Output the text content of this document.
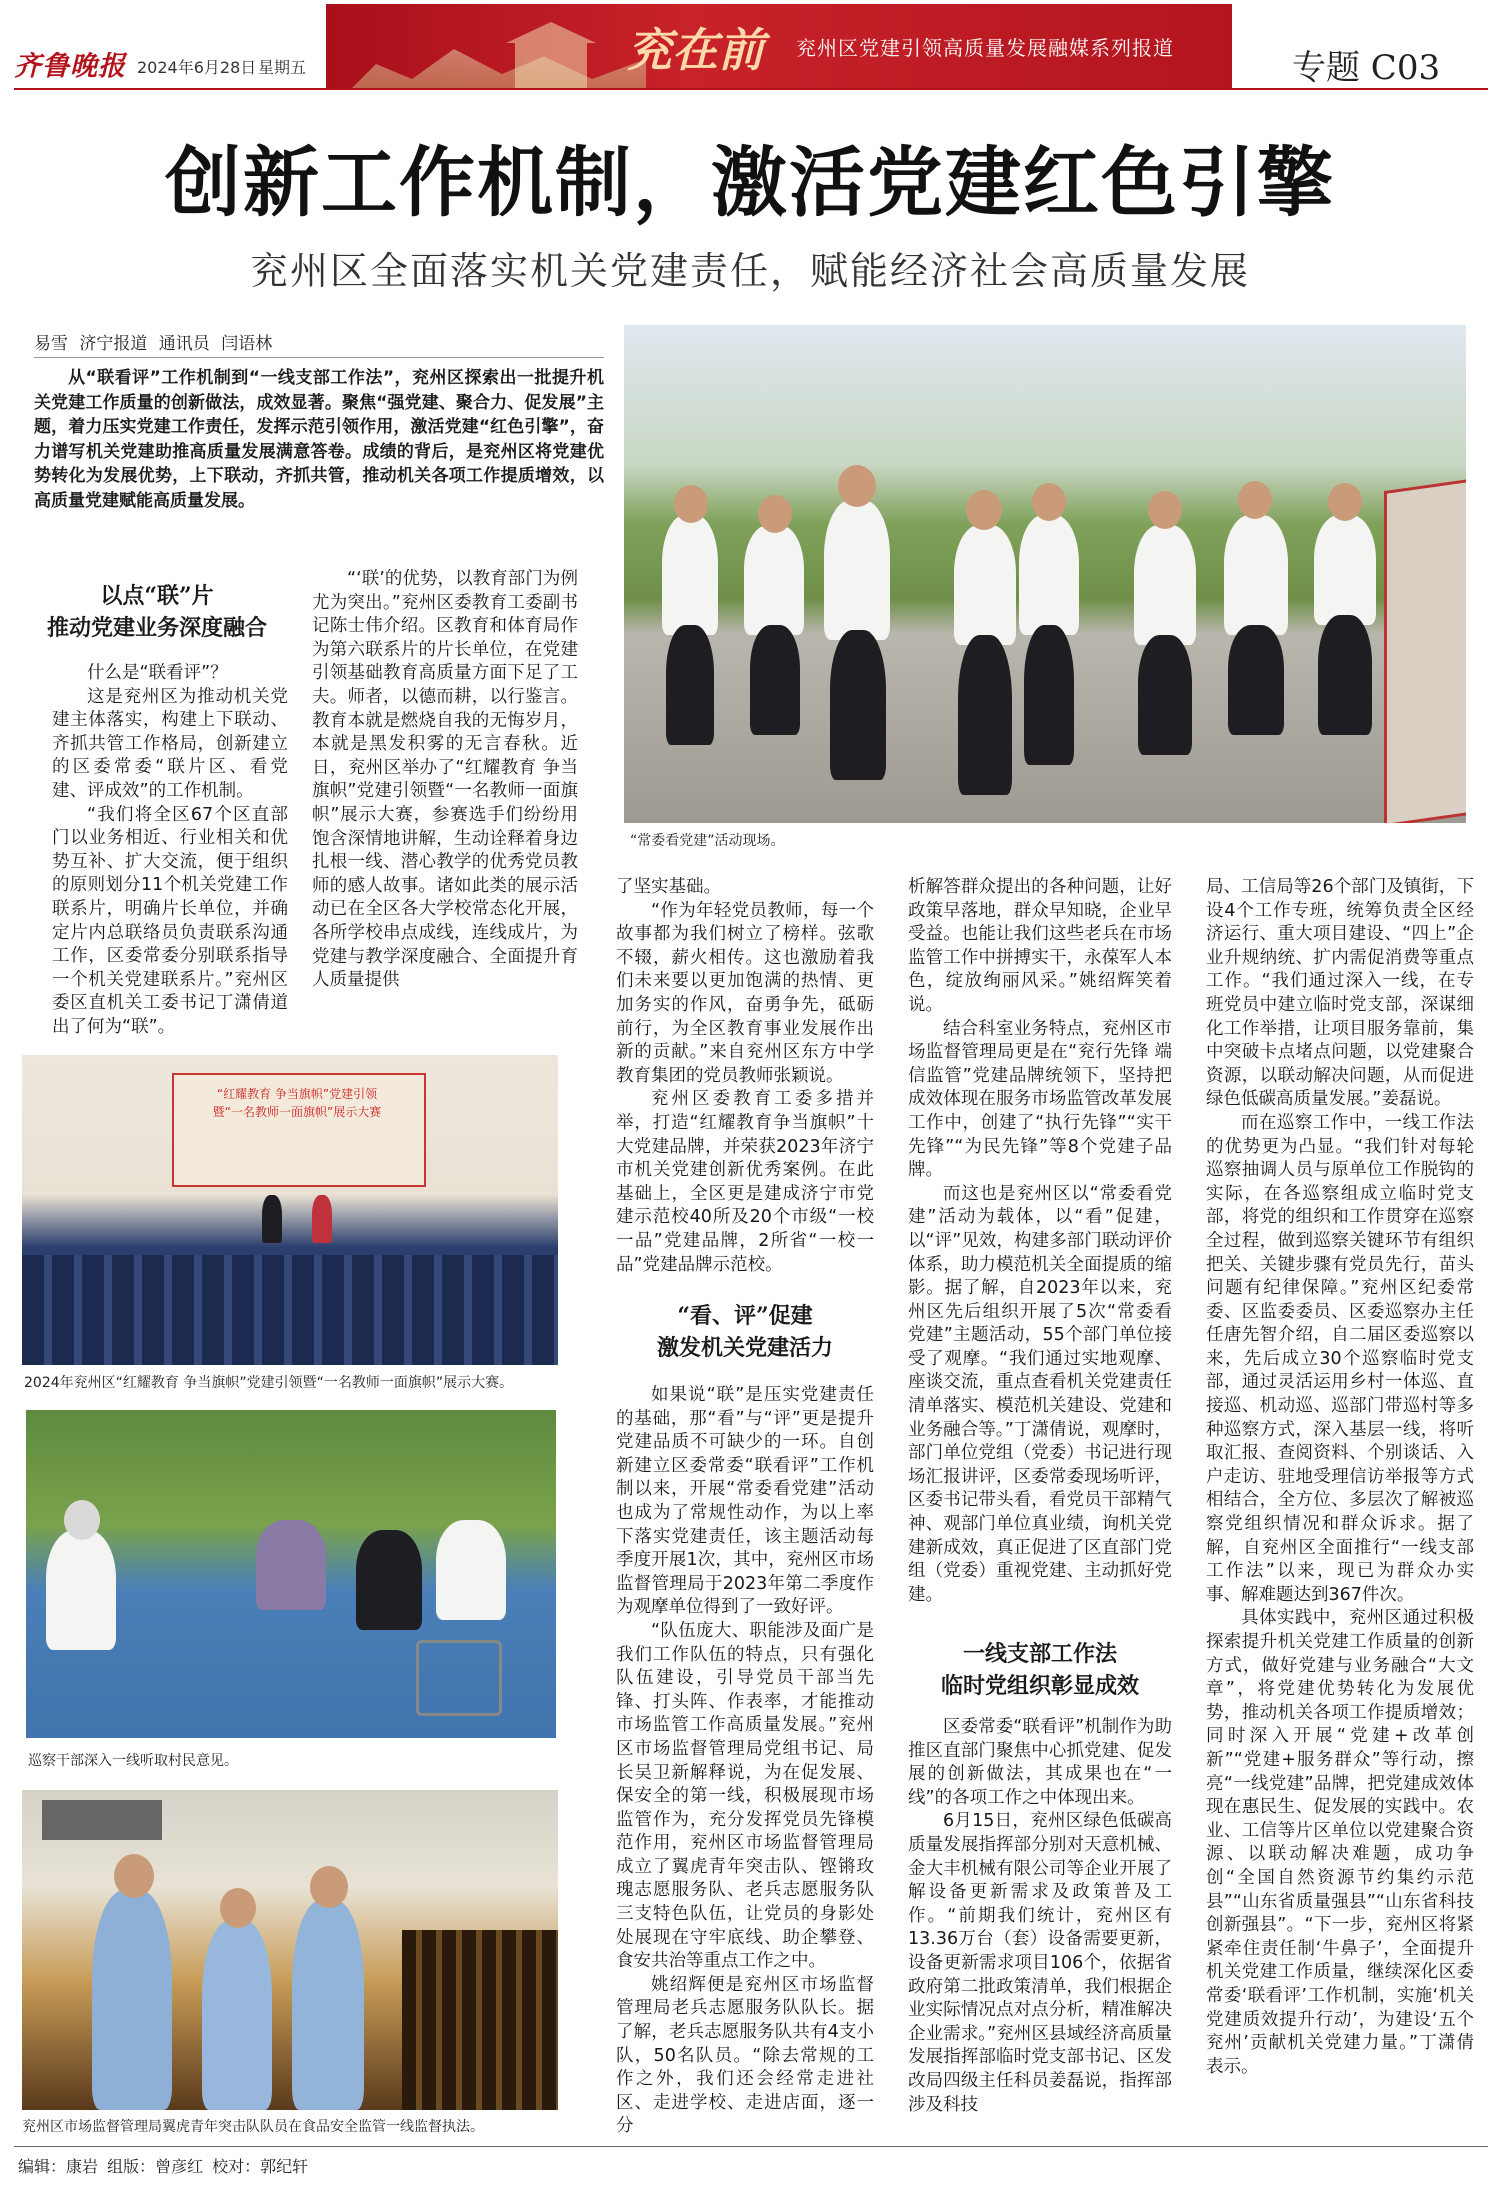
齐鲁晚报 2024年6月28日 星期五	兖在前 兖州区党建引领高质量发展融媒系列报道	专题 C03
创新工作机制，激活党建红色引擎
兖州区全面落实机关党建责任，赋能经济社会高质量发展
易雪 济宁报道 通讯员 闫语林
从“联看评”工作机制到“一线支部工作法”，兖州区探索出一批提升机关党建工作质量的创新做法，成效显著。聚焦“强党建、聚合力、促发展”主题，着力压实党建工作责任，发挥示范引领作用，激活党建“红色引擎”，奋力谱写机关党建助推高质量发展满意答卷。成绩的背后，是兖州区将党建优势转化为发展优势，上下联动，齐抓共管，推动机关各项工作提质增效，以高质量党建赋能高质量发展。
以点“联”片
推动党建业务深度融合

什么是“联看评”？

这是兖州区为推动机关党建主体落实，构建上下联动、齐抓共管工作格局，创新建立的区委常委“联片区、看党建、评成效”的工作机制。

“我们将全区67个区直部门以业务相近、行业相关和优势互补、扩大交流，便于组织的原则划分11个机关党建工作联系片，明确片长单位，并确定片内总联络员负责联系沟通工作，区委常委分别联系指导一个机关党建联系片。”兖州区委区直机关工委书记丁潇倩道出了何为“联”。

“‘联’的优势，以教育部门为例尤为突出。”兖州区委教育工委副书记陈士伟介绍。区教育和体育局作为第六联系片的片长单位，在党建引领基础教育高质量方面下足了工夫。师者，以德而耕，以行鉴言。教育本就是燃烧自我的无悔岁月，本就是黑发积雾的无言春秋。近日，兖州区举办了“红耀教育 争当旗帜”党建引领暨“一名教师一面旗帜”展示大赛，参赛选手们纷纷用饱含深情地讲解，生动诠释着身边扎根一线、潜心教学的优秀党员教师的感人故事。诸如此类的展示活动已在全区各大学校常态化开展，各所学校串点成线，连线成片，为党建与教学深度融合、全面提升育人质量提供

“常委看党建”活动现场。

了坚实基础。

“作为年轻党员教师，每一个故事都为我们树立了榜样。弦歌不辍，薪火相传。这也激励着我们未来要以更加饱满的热情、更加务实的作风，奋勇争先，砥砺前行，为全区教育事业发展作出新的贡献。”来自兖州区东方中学教育集团的党员教师张颖说。

兖州区委教育工委多措并举，打造“红耀教育争当旗帜”十大党建品牌，并荣获2023年济宁市机关党建创新优秀案例。在此基础上，全区更是建成济宁市党建示范校40所及20个市级“一校一品”党建品牌，2所省“一校一品”党建品牌示范校。

“看、评”促建
激发机关党建活力

如果说“联”是压实党建责任的基础，那“看”与“评”更是提升党建品质不可缺少的一环。自创新建立区委常委“联看评”工作机制以来，开展“常委看党建”活动也成为了常规性动作，为以上率下落实党建责任，该主题活动每季度开展1次，其中，兖州区市场监督管理局于2023年第二季度作为观摩单位得到了一致好评。

“队伍庞大、职能涉及面广是我们工作队伍的特点，只有强化队伍建设，引导党员干部当先锋、打头阵、作表率，才能推动市场监管工作高质量发展。”兖州区市场监督管理局党组书记、局长吴卫新解释说，为在促发展、保安全的第一线，积极展现市场监管作为，充分发挥党员先锋模范作用，兖州区市场监督管理局成立了翼虎青年突击队、铿锵玫瑰志愿服务队、老兵志愿服务队三支特色队伍，让党员的身影处处展现在守牢底线、助企攀登、食安共治等重点工作之中。

姚绍辉便是兖州区市场监督管理局老兵志愿服务队队长。据了解，老兵志愿服务队共有4支小队，50名队员。“除去常规的工作之外，我们还会经常走进社区、走进学校、走进店面，逐一分

析解答群众提出的各种问题，让好政策早落地，群众早知晓，企业早受益。也能让我们这些老兵在市场监管工作中拼搏实干，永葆军人本色，绽放绚丽风采。”姚绍辉笑着说。

结合科室业务特点，兖州区市场监督管理局更是在“兖行先锋 端信监管”党建品牌统领下，坚持把成效体现在服务市场监管改革发展工作中，创建了“执行先锋”“实干先锋”“为民先锋”等8个党建子品牌。

而这也是兖州区以“常委看党建”活动为载体，以“看”促建，以“评”见效，构建多部门联动评价体系，助力模范机关全面提质的缩影。据了解，自2023年以来，兖州区先后组织开展了5次“常委看党建”主题活动，55个部门单位接受了观摩。“我们通过实地观摩、座谈交流，重点查看机关党建责任清单落实、模范机关建设、党建和业务融合等。”丁潇倩说，观摩时，部门单位党组（党委）书记进行现场汇报讲评，区委常委现场听评，区委书记带头看，看党员干部精气神、观部门单位真业绩，询机关党建新成效，真正促进了区直部门党组（党委）重视党建、主动抓好党建。

一线支部工作法
临时党组织彰显成效

区委常委“联看评”机制作为助推区直部门聚焦中心抓党建、促发展的创新做法，其成果也在“一线”的各项工作之中体现出来。

6月15日，兖州区绿色低碳高质量发展指挥部分别对天意机械、金大丰机械有限公司等企业开展了解设备更新需求及政策普及工作。“前期我们统计，兖州区有13.36万台（套）设备需要更新，设备更新需求项目106个，依据省政府第二批政策清单，我们根据企业实际情况点对点分析，精准解决企业需求。”兖州区县域经济高质量发展指挥部临时党支部书记、区发改局四级主任科员姜磊说，指挥部涉及科技

局、工信局等26个部门及镇街，下设4个工作专班，统筹负责全区经济运行、重大项目建设、“四上”企业升规纳统、扩内需促消费等重点工作。“我们通过深入一线，在专班党员中建立临时党支部，深谋细化工作举措，让项目服务靠前，集中突破卡点堵点问题，以党建聚合资源，以联动解决问题，从而促进绿色低碳高质量发展。”姜磊说。

而在巡察工作中，一线工作法的优势更为凸显。“我们针对每轮巡察抽调人员与原单位工作脱钩的实际，在各巡察组成立临时党支部，将党的组织和工作贯穿在巡察全过程，做到巡察关键环节有组织把关、关键步骤有党员先行，苗头问题有纪律保障。”兖州区纪委常委、区监委委员、区委巡察办主任任唐先智介绍，自二届区委巡察以来，先后成立30个巡察临时党支部，通过灵活运用乡村一体巡、直接巡、机动巡、巡部门带巡村等多种巡察方式，深入基层一线，将听取汇报、查阅资料、个别谈话、入户走访、驻地受理信访举报等方式相结合，全方位、多层次了解被巡察党组织情况和群众诉求。据了解，自兖州区全面推行“一线支部工作法”以来，现已为群众办实事、解难题达到367件次。

具体实践中，兖州区通过积极探索提升机关党建工作质量的创新方式，做好党建与业务融合“大文章”，将党建优势转化为发展优势，推动机关各项工作提质增效；同时深入开展“党建+改革创新”“党建+服务群众”等行动，擦亮“一线党建”品牌，把党建成效体现在惠民生、促发展的实践中。农业、工信等片区单位以党建聚合资源、以联动解决难题，成功争创“全国自然资源节约集约示范县”“山东省质量强县”“山东省科技创新强县”。“下一步，兖州区将紧紧牵住责任制‘牛鼻子’，全面提升机关党建工作质量，继续深化区委常委‘联看评’工作机制，实施‘机关党建质效提升行动’，为建设‘五个兖州’贡献机关党建力量。”丁潇倩表示。

“红耀教育 争当旗帜”党建引领
暨“一名教师一面旗帜”展示大赛
2024年兖州区“红耀教育 争当旗帜”党建引领暨“一名教师一面旗帜”展示大赛。
巡察干部深入一线听取村民意见。
兖州区市场监督管理局翼虎青年突击队队员在食品安全监管一线监督执法。
编辑：康岩 组版：曾彦红 校对：郭纪轩
